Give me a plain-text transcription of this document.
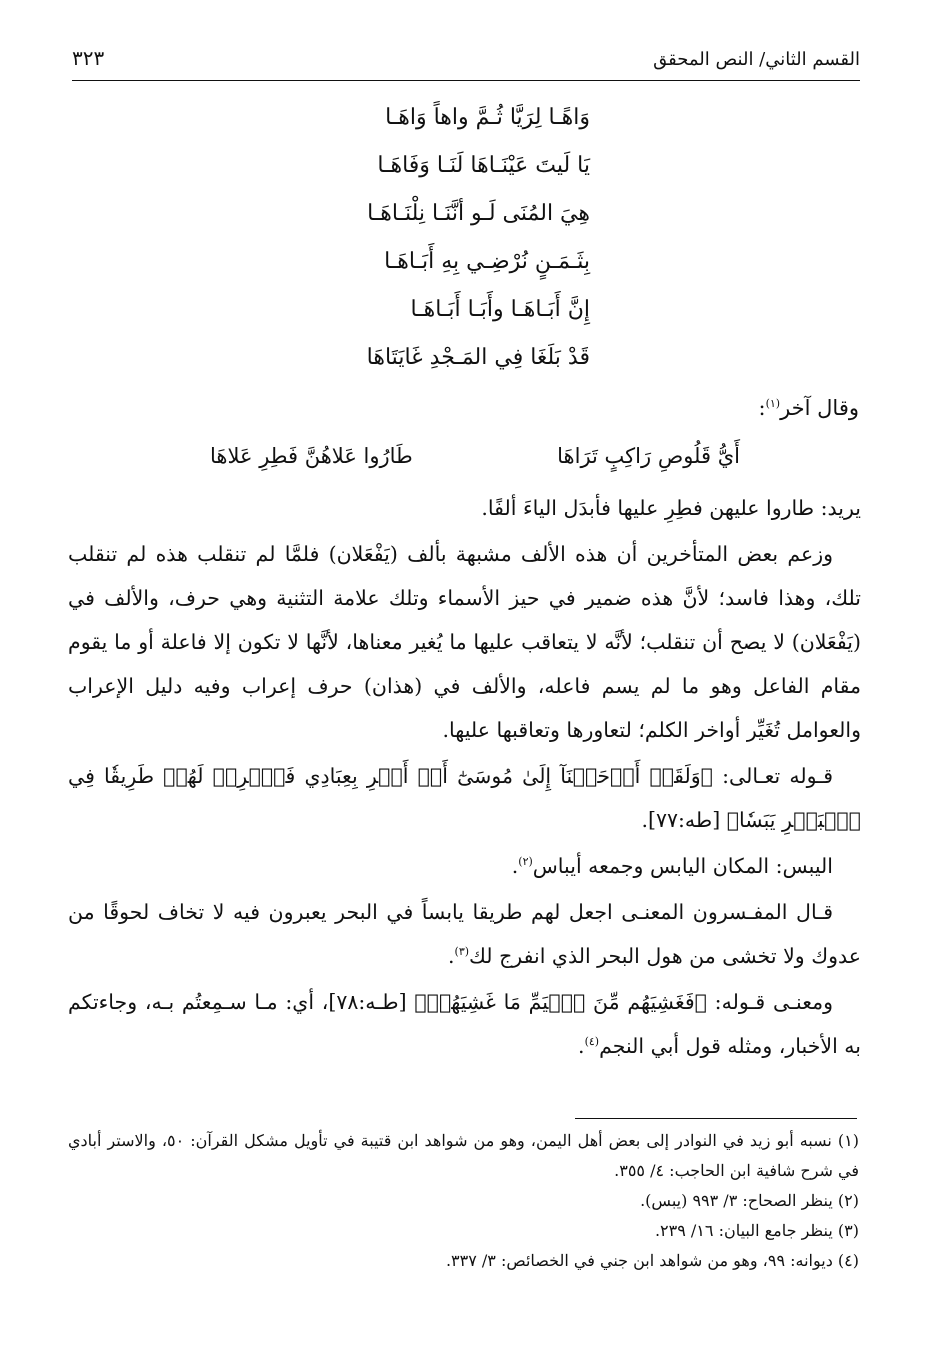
القسم الثاني/ النص المحقق
٣٢٣
وَاهًـا لِرَيَّا ثُـمَّ واهاً وَاهَـا
يَا لَيتَ عَيْنَـاهَا لَنَـا وَفَاهَـا
هِيَ المُنَى لَـو أنَّنَـا نِلْنَـاهَـا
بِثَـمَـنٍ نُرْضِـي بِهِ أَبَـاهَـا
إِنَّ أَبَـاهَـا وأَبَـا أَبَـاهَـا
قَدْ بَلَغَا فِي المَـجْدِ غَايَتَاهَا
وقال آخر$^{(١)}$:
أَيُّ قَلُوصِ رَاكِبٍ تَرَاهَا
طَارُوا عَلاهُنَّ فَطِرِ عَلاهَا

يريد: طاروا عليهن فطِرِ عليها فأبدَل الياءَ ألفًا.

وزعم بعض المتأخرين أن هذه الألف مشبهة بألف (يَفْعَلان) فلمَّا لم تنقلب هذه لم تنقلب تلك، وهذا فاسد؛ لأنَّ هذه ضمير في حيز الأسماء وتلك علامة التثنية وهي حرف، والألف في (يَفْعَلان) لا يصح أن تنقلب؛ لأنَّه لا يتعاقب عليها ما يُغير معناها، لأنَّها لا تكون إلا فاعلة أو ما يقوم مقام الفاعل وهو ما لم يسم فاعله، والألف في (هذان) حرف إعراب وفيه دليل الإعراب والعوامل تُغَيِّر أواخر الكلم؛ لتعاورها وتعاقبها عليها.

قـوله تعـالى: ﴿وَلَقَدۡ أَوۡحَيۡنَآ إِلَىٰ مُوسَىٰٓ أَنۡ أَسۡرِ بِعِبَادِي فَٱضۡرِبۡ لَهُمۡ طَرِيقٗا فِي ٱلۡبَحۡرِ يَبَسٗا﴾ [طه:٧٧].

اليبس: المكان اليابس وجمعه أيباس$^{(٢)}$.

قـال المفـسرون المعنـى اجعل لهم طريقا يابساً في البحر يعبرون فيه لا تخاف لحوقًا من عدوك ولا تخشى من هول البحر الذي انفرج لك$^{(٣)}$.

ومعنـى قـوله: ﴿فَغَشِيَهُم مِّنَ ٱلۡيَمِّ مَا غَشِيَهُمۡ﴾ [طـه:٧٨]، أي: مـا سـمِعتُم بـه، وجاءتكم به الأخبار، ومثله قول أبي النجم$^{(٤)}$.

(١) نسبه أبو زيد في النوادر إلى بعض أهل اليمن، وهو من شواهد ابن قتيبة في تأويل مشكل القرآن: ٥٠، والاستر أبادي في شرح شافية ابن الحاجب: ٤/ ٣٥٥.

(٢) ينظر الصحاح: ٣/ ٩٩٣ (يبس).

(٣) ينظر جامع البيان: ١٦/ ٢٣٩.

(٤) ديوانه: ٩٩، وهو من شواهد ابن جني في الخصائص: ٣/ ٣٣٧.
